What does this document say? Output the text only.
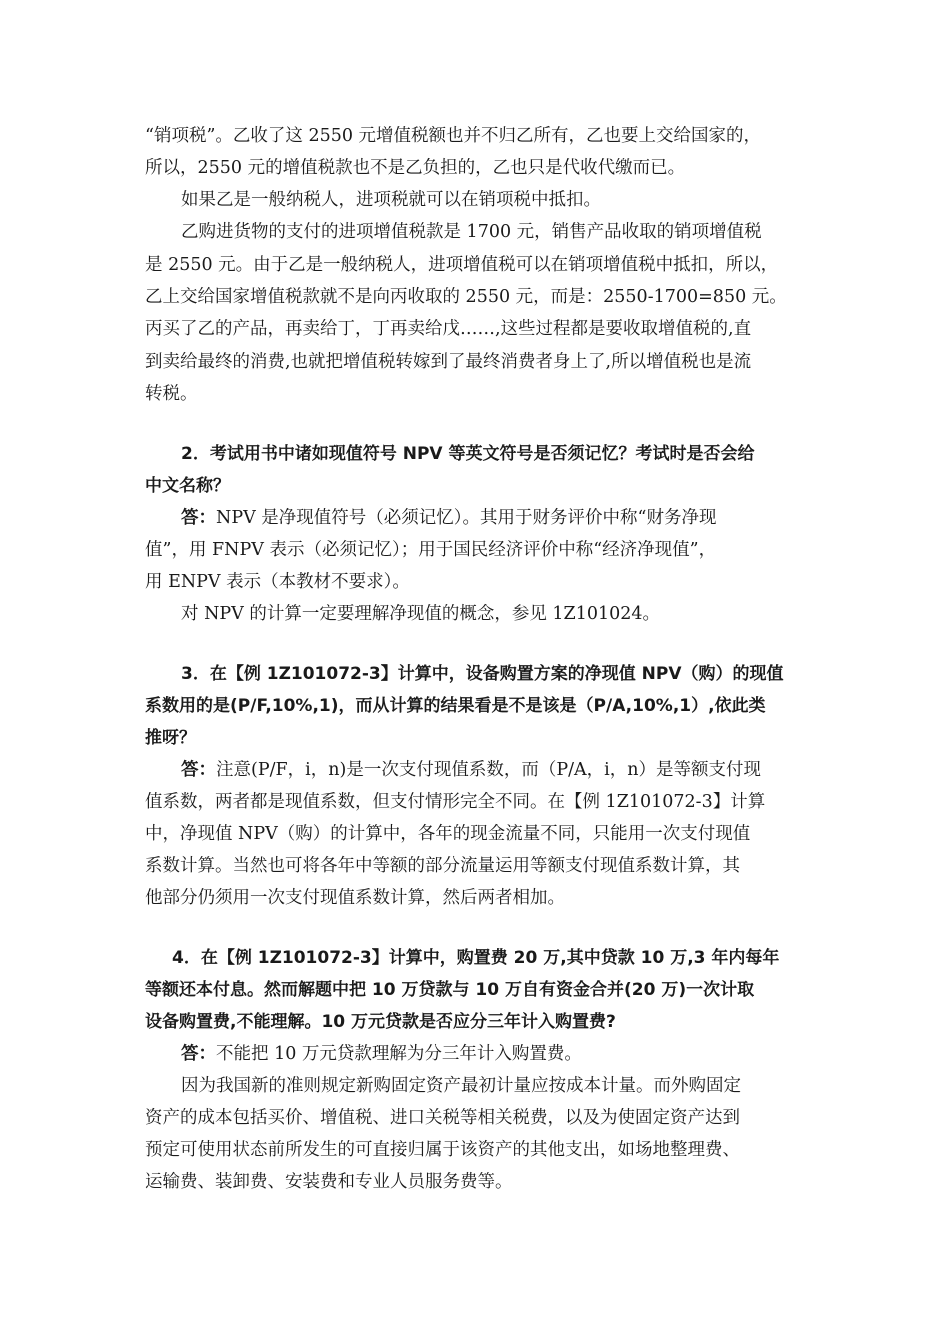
“销项税”。乙收了这 2550 元增值税额也并不归乙所有，乙也要上交给国家的，
所以，2550 元的增值税款也不是乙负担的，乙也只是代收代缴而已。
如果乙是一般纳税人，进项税就可以在销项税中抵扣。
乙购进货物的支付的进项增值税款是 1700 元，销售产品收取的销项增值税
是 2550 元。由于乙是一般纳税人，进项增值税可以在销项增值税中抵扣，所以，
乙上交给国家增值税款就不是向丙收取的 2550 元，而是：2550-1700=850 元。
丙买了乙的产品，再卖给丁，丁再卖给戊……,这些过程都是要收取增值税的,直
到卖给最终的消费,也就把增值税转嫁到了最终消费者身上了,所以增值税也是流
转税。
2．考试用书中诸如现值符号 NPV 等英文符号是否须记忆？考试时是否会给
中文名称？
答：NPV 是净现值符号（必须记忆）。其用于财务评价中称“财务净现
值”，用 FNPV 表示（必须记忆）；用于国民经济评价中称“经济净现值”，
用 ENPV 表示（本教材不要求）。
对 NPV 的计算一定要理解净现值的概念，参见 1Z101024。
3．在【例 1Z101072-3】计算中，设备购置方案的净现值 NPV（购）的现值
系数用的是(P/F,10%,1)，而从计算的结果看是不是该是（P/A,10%,1）,依此类
推呀？
答：注意(P/F，i，n)是一次支付现值系数，而（P/A，i，n）是等额支付现
值系数，两者都是现值系数，但支付情形完全不同。在【例 1Z101072-3】计算
中，净现值 NPV（购）的计算中，各年的现金流量不同，只能用一次支付现值
系数计算。当然也可将各年中等额的部分流量运用等额支付现值系数计算，其
他部分仍须用一次支付现值系数计算，然后两者相加。
4．在【例 1Z101072-3】计算中，购置费 20 万,其中贷款 10 万,3 年内每年
等额还本付息。然而解题中把 10 万贷款与 10 万自有资金合并(20 万)一次计取
设备购置费,不能理解。10 万元贷款是否应分三年计入购置费?
答：不能把 10 万元贷款理解为分三年计入购置费。
因为我国新的准则规定新购固定资产最初计量应按成本计量。而外购固定
资产的成本包括买价、增值税、进口关税等相关税费，以及为使固定资产达到
预定可使用状态前所发生的可直接归属于该资产的其他支出，如场地整理费、
运输费、装卸费、安装费和专业人员服务费等。
